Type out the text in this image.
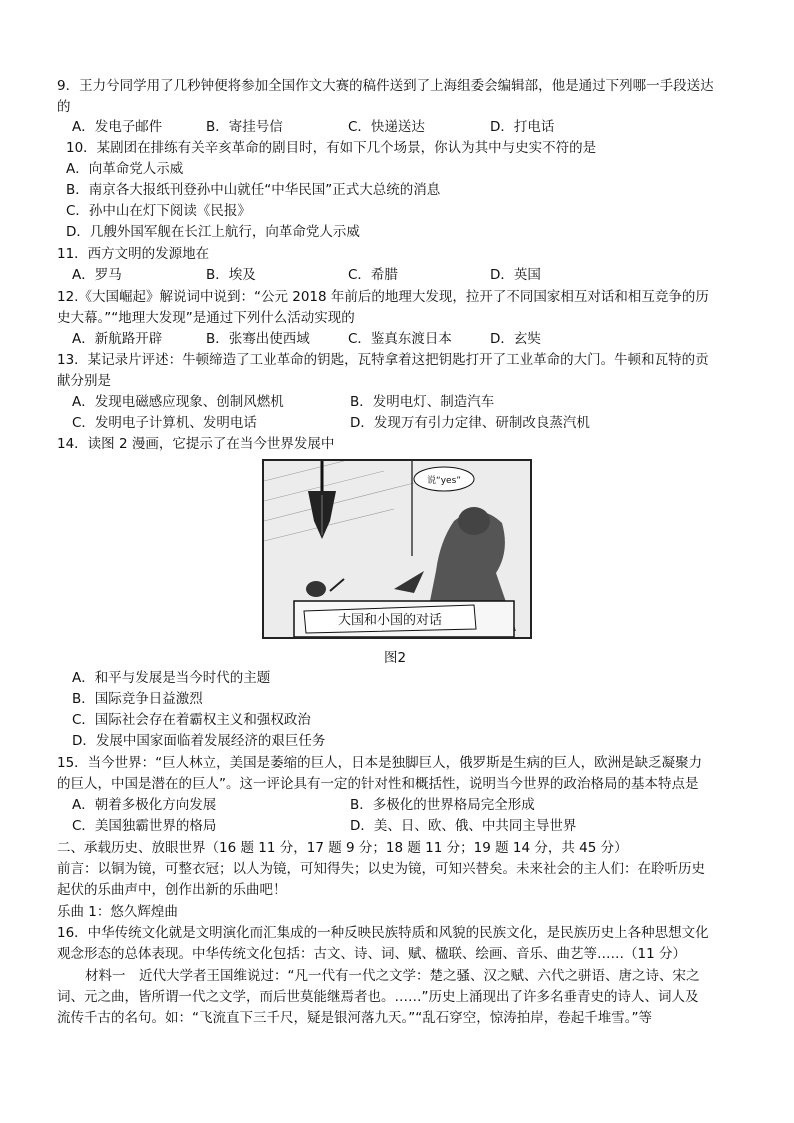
9．王力兮同学用了几秒钟便将参加全国作文大赛的稿件送到了上海组委会编辑部，他是通过下列哪一手段送达
的
A．发电子邮件	B．寄挂号信	C．快递送达	D．打电话
10．某剧团在排练有关辛亥革命的剧目时，有如下几个场景，你认为其中与史实不符的是
A．向革命党人示威
B．南京各大报纸刊登孙中山就任“中华民国”正式大总统的消息
C．孙中山在灯下阅读《民报》
D．几艘外国军舰在长江上航行，向革命党人示威
11．西方文明的发源地在
A．罗马	B．埃及	C．希腊	D．英国
12.《大国崛起》解说词中说到：“公元 2018 年前后的地理大发现，拉开了不同国家相互对话和相互竞争的历
史大幕。”“地理大发现”是通过下列什么活动实现的
A．新航路开辟	B．张骞出使西域	C．鉴真东渡日本	D．玄奘
13．某记录片评述：牛顿缔造了工业革命的钥匙，瓦特拿着这把钥匙打开了工业革命的大门。牛顿和瓦特的贡
献分别是
A．发现电磁感应现象、创制风燃机	B．发明电灯、制造汽车
C．发明电子计算机、发明电话	D．发现万有引力定律、研制改良蒸汽机
14．读图 2 漫画，它提示了在当今世界发展中
说“yes”
大国和小国的对话
图2
A．和平与发展是当今时代的主题
B．国际竞争日益激烈
C．国际社会存在着霸权主义和强权政治
D．发展中国家面临着发展经济的艰巨任务
15．当今世界：“巨人林立，美国是萎缩的巨人，日本是独脚巨人，俄罗斯是生病的巨人，欧洲是缺乏凝聚力
的巨人，中国是潜在的巨人”。这一评论具有一定的针对性和概括性，说明当今世界的政治格局的基本特点是
A．朝着多极化方向发展	B．多极化的世界格局完全形成
C．美国独霸世界的格局	D．美、日、欧、俄、中共同主导世界
二、承载历史、放眼世界（16 题 11 分，17 题 9 分；18 题 11 分；19 题 14 分，共 45 分）
前言：以铜为镜，可整衣冠；以人为镜，可知得失；以史为镜，可知兴替矣。未来社会的主人们：在聆听历史
起伏的乐曲声中，创作出新的乐曲吧！
乐曲 1：悠久辉煌曲
16．中华传统文化就是文明演化而汇集成的一种反映民族特质和风貌的民族文化，是民族历史上各种思想文化
观念形态的总体表现。中华传统文化包括：古文、诗、词、赋、楹联、绘画、音乐、曲艺等……（11 分）
材料一　近代大学者王国维说过：“凡一代有一代之文学：楚之骚、汉之赋、六代之骈语、唐之诗、宋之
词、元之曲，皆所谓一代之文学，而后世莫能继焉者也。……”历史上涌现出了许多名垂青史的诗人、词人及
流传千古的名句。如：“飞流直下三千尺，疑是银河落九天。”“乱石穿空，惊涛拍岸，卷起千堆雪。”等
